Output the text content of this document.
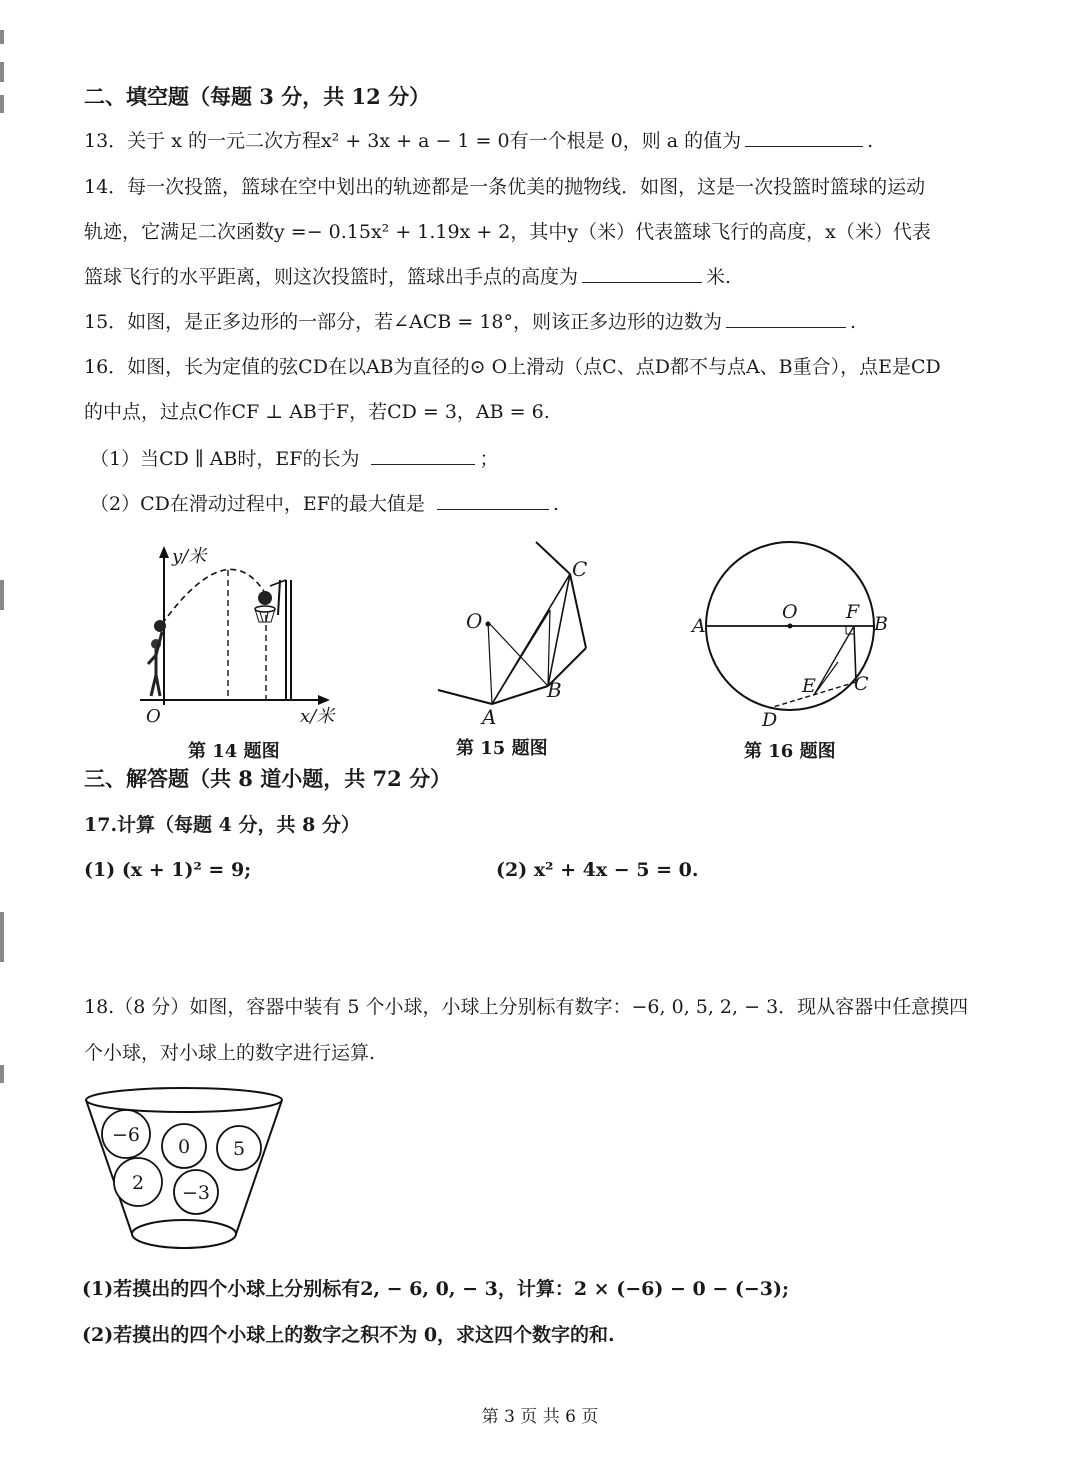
二、填空题（每题 3 分，共 12 分）
13．关于 x 的一元二次方程x² + 3x + a − 1 = 0有一个根是 0，则 a 的值为	.
14．每一次投篮，篮球在空中划出的轨迹都是一条优美的抛物线．如图，这是一次投篮时篮球的运动
轨迹，它满足二次函数y =− 0.15x² + 1.19x + 2，其中y（米）代表篮球飞行的高度，x（米）代表
篮球飞行的水平距离，则这次投篮时，篮球出手点的高度为	米.
15．如图，是正多边形的一部分，若∠ACB = 18°，则该正多边形的边数为	.
16．如图，长为定值的弦CD在以AB为直径的⊙ O上滑动（点C、点D都不与点A、B重合），点E是CD
的中点，过点C作CF ⊥ AB于F，若CD = 3，AB = 6.
（1）当CD ∥ AB时，EF的长为	；
（2）CD在滑动过程中，EF的最大值是	.
y/米
x/米
O
第 14 题图
O
C
B
A
第 15 题图
A
O	F
B
E C
D
第 16 题图
三、解答题（共 8 道小题，共 72 分）
17.计算（每题 4 分，共 8 分）
(1) (x + 1)² = 9;	(2) x² + 4x − 5 = 0.
18.（8 分）如图，容器中装有 5 个小球，小球上分别标有数字：−6, 0, 5, 2, − 3．现从容器中任意摸四
个小球，对小球上的数字进行运算.
−6
0 5
2 −3
(1)若摸出的四个小球上分别标有2, − 6, 0, − 3，计算：2 × (−6) − 0 − (−3);
(2)若摸出的四个小球上的数字之积不为 0，求这四个数字的和.
第 3 页 共 6 页
